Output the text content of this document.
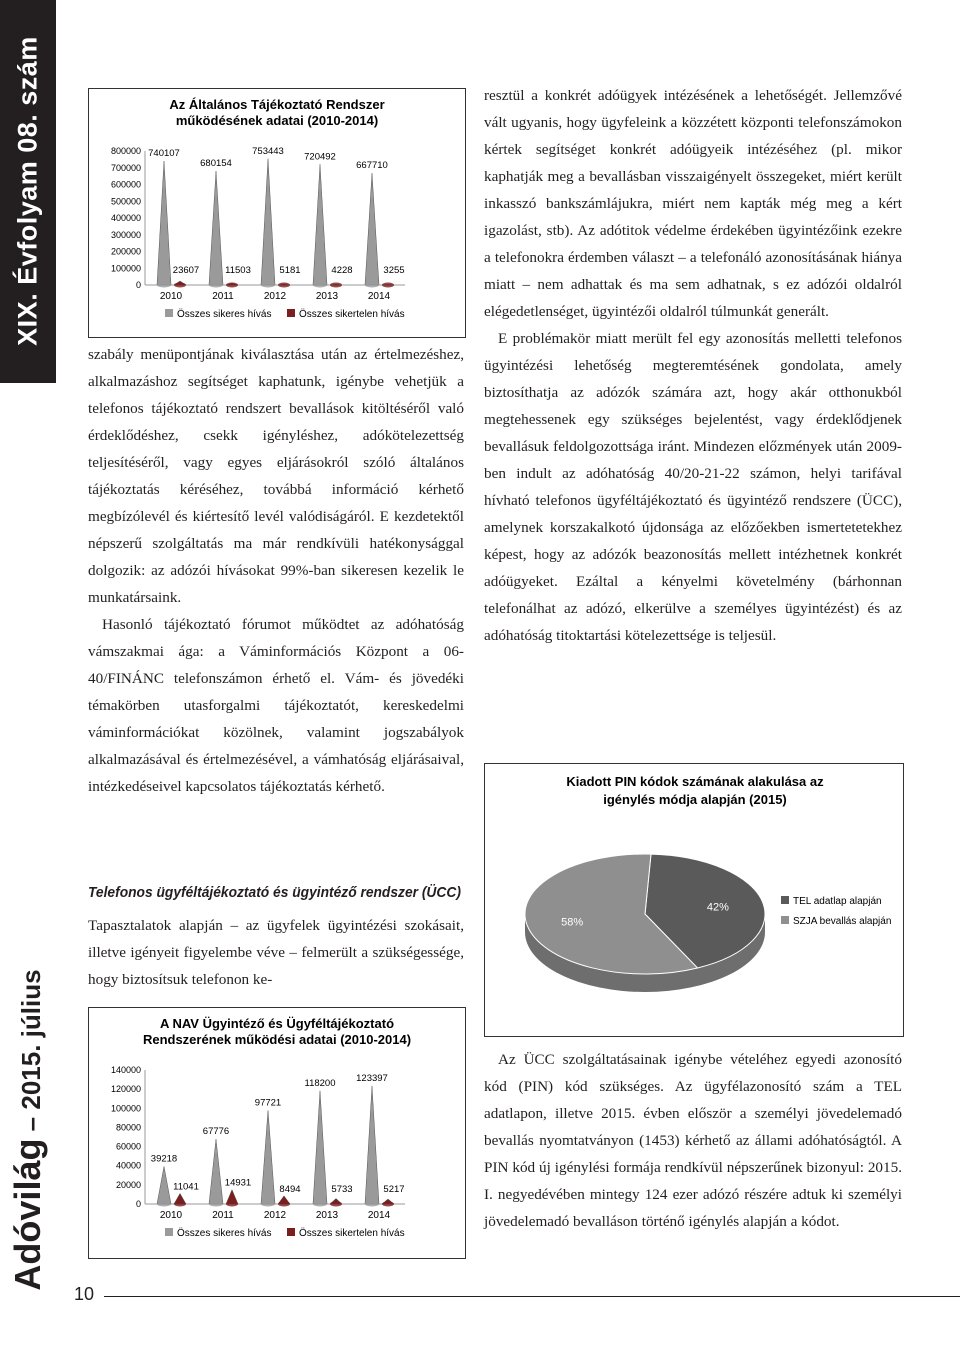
XIX. Évfolyam 08. szám
Adóvilág – 2015. július
10
Az Általános Tájékoztató Rendszer
működésének adatai (2010-2014)
0
100000
200000
300000
400000
500000
600000
700000
800000 740107
23607
2010
680154
11503
2011
753443
5181
2012
720492
4228
2013
667710
3255
2014
Összes sikeres hívás	Összes sikertelen hívás

szabály menüpontjának kiválasztása után az értelmezéshez, alkalmazáshoz segítséget kaphatunk, igénybe vehetjük a telefonos tájékoztató rendszert bevallások kitöltéséről való érdeklődéshez, csekk igényléshez, adókötelezettség teljesítéséről, vagy egyes eljárásokról szóló általános tájékoztatás kéréséhez, továbbá információ kérhető megbízólevél és kiértesítő levél valódiságáról. E kezdetektől népszerű szolgáltatás ma már rendkívüli hatékonysággal dolgozik: az adózói hívásokat 99%-ban sikeresen kezelik le munkatársaink.

Hasonló tájékoztató fórumot működtet az adóhatóság vámszakmai ága: a Váminformációs Központ a 06-40/FINÁNC telefonszámon érhető el. Vám- és jövedéki témakörben utasforgalmi tájékoztatót, kereskedelmi váminformációkat közölnek, valamint jogszabályok alkalmazásával és értelmezésével, a vámhatóság eljárásaival, intézkedéseivel kapcsolatos tájékoztatás kérhető.

Telefonos ügyféltájékoztató és ügyintéző rendszer (ÜCC)

Tapasztalatok alapján – az ügyfelek ügyintézési szokásait, illetve igényeit figyelembe véve – felmerült a szükségessége, hogy biztosítsuk telefonon ke-

A NAV Ügyintéző és Ügyféltájékoztató
Rendszerének működési adatai (2010-2014)
0
20000
40000
60000
80000
100000
120000
140000
39218
11041
2010
67776
14931
2011
97721
8494
2012
118200
5733
2013
123397
5217
2014
Összes sikeres hívás	Összes sikertelen hívás

resztül a konkrét adóügyek intézésének a lehetőségét. Jellemzővé vált ugyanis, hogy ügyfeleink a közzétett központi telefonszámokon kértek segítséget konkrét adóügyeik intézéséhez (pl. mikor kaphatják meg a bevallásban visszaigényelt összegeket, miért került inkasszó bankszámlájukra, miért nem kapták még meg a kért igazolást, stb). Az adótitok védelme érdekében ügyintézőink ezekre a telefonokra érdemben választ – a telefonáló azonosításának hiánya miatt – nem adhattak és ma sem adhatnak, s ez adózói oldalról elégedetlenséget, ügyintézői oldalról túlmunkát generált.

E problémakör miatt merült fel egy azonosítás melletti telefonos ügyintézési lehetőség megteremtésének gondolata, amely biztosíthatja az adózók számára azt, hogy akár otthonukból megtehessenek egy szükséges bejelentést, vagy érdeklődjenek bevallásuk feldolgozottsága iránt. Mindezen előzmények után 2009-ben indult az adóhatóság 40/20-21-22 számon, helyi tarifával hívható telefonos ügyféltájékoztató és ügyintéző rendszere (ÜCC), amelynek korszakalkotó újdonsága az előzőekben ismertetetekhez képest, hogy az adózók beazonosítás mellett intézhetnek konkrét adóügyeket. Ezáltal a kényelmi követelmény (bárhonnan telefonálhat az adózó, elkerülve a személyes ügyintézést) és az adóhatóság titoktartási kötelezettsége is teljesül.

Kiadott PIN kódok számának alakulása az
igénylés módja alapján (2015)
42%
58%
TEL adatlap alapján
SZJA bevallás alapján

Az ÜCC szolgáltatásainak igénybe vételéhez egyedi azonosító kód (PIN) kód szükséges. Az ügyfélazonosító szám a TEL adatlapon, illetve 2015. évben először a személyi jövedelemadó bevallás nyomtatványon (1453) kérhető az állami adóhatóságtól. A PIN kód új igénylési formája rendkívül népszerűnek bizonyul: 2015. I. negyedévében mintegy 124 ezer adózó részére adtuk ki személyi jövedelemadó bevalláson történő igénylés alapján a kódot.
